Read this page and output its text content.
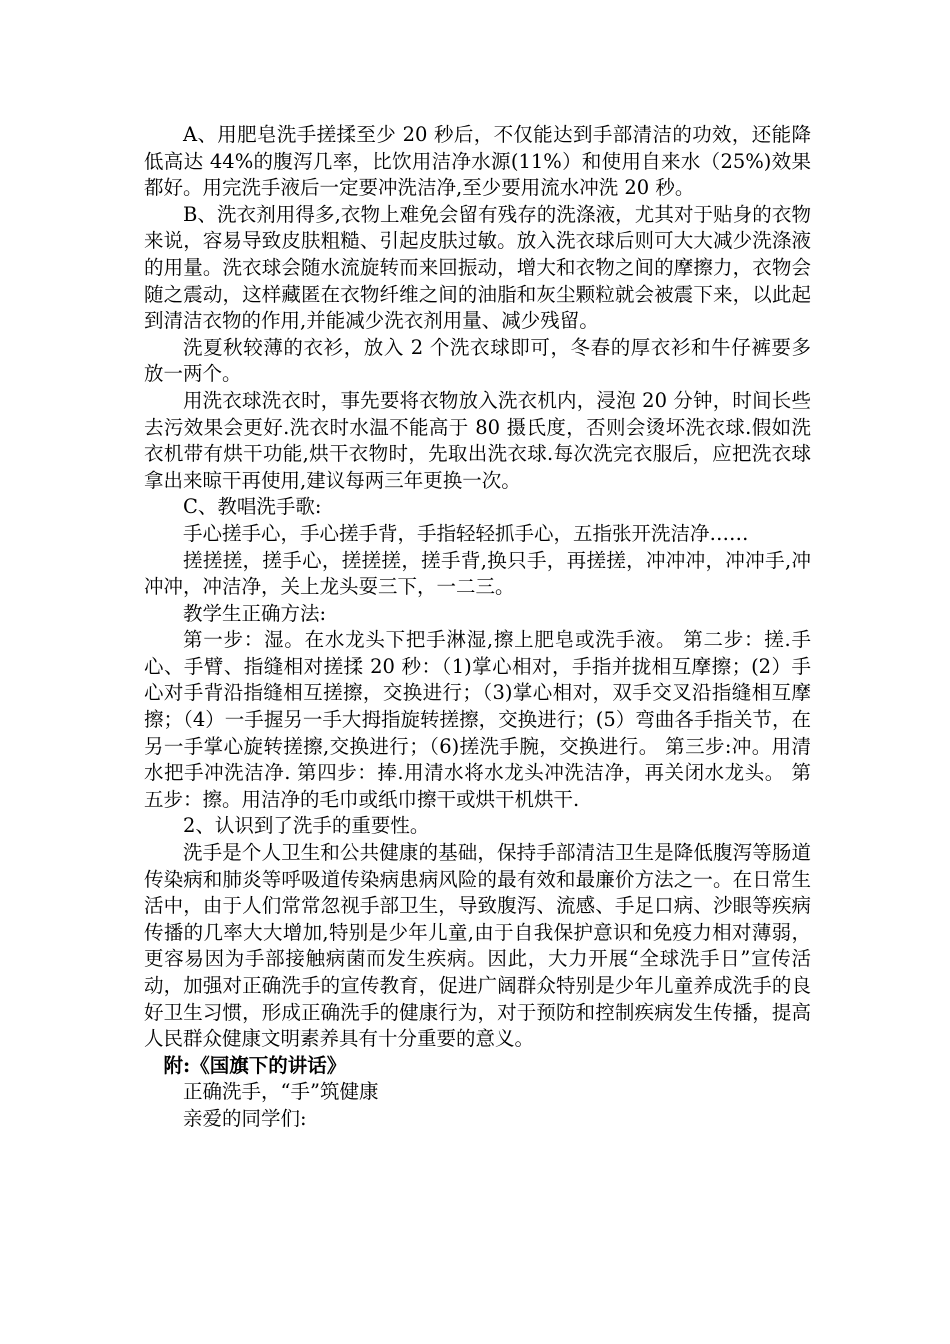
A、用肥皂洗手搓揉至少 20 秒后，不仅能达到手部清洁的功效，还能降低高达 44%的腹泻几率，比饮用洁净水源(11%）和使用自来水（25%)效果都好。用完洗手液后一定要冲洗洁净,至少要用流水冲洗 20 秒。

B、洗衣剂用得多,衣物上难免会留有残存的洗涤液，尤其对于贴身的衣物来说，容易导致皮肤粗糙、引起皮肤过敏。放入洗衣球后则可大大减少洗涤液的用量。洗衣球会随水流旋转而来回振动，增大和衣物之间的摩擦力，衣物会随之震动，这样藏匿在衣物纤维之间的油脂和灰尘颗粒就会被震下来，以此起到清洁衣物的作用,并能减少洗衣剂用量、减少残留。

洗夏秋较薄的衣衫，放入 2 个洗衣球即可，冬春的厚衣衫和牛仔裤要多放一两个。

用洗衣球洗衣时，事先要将衣物放入洗衣机内，浸泡 20 分钟，时间长些去污效果会更好.洗衣时水温不能高于 80 摄氏度，否则会烫坏洗衣球.假如洗衣机带有烘干功能,烘干衣物时，先取出洗衣球.每次洗完衣服后，应把洗衣球拿出来晾干再使用,建议每两三年更换一次。

C、教唱洗手歌:

手心搓手心，手心搓手背，手指轻轻抓手心，五指张开洗洁净……

搓搓搓，搓手心，搓搓搓，搓手背,换只手，再搓搓，冲冲冲，冲冲手,冲冲冲，冲洁净，关上龙头耍三下，一二三。

教学生正确方法:

第一步：湿。在水龙头下把手淋湿,擦上肥皂或洗手液。 第二步：搓.手心、手臂、指缝相对搓揉 20 秒：（1)掌心相对，手指并拢相互摩擦；(2）手心对手背沿指缝相互搓擦，交换进行；（3)掌心相对，双手交叉沿指缝相互摩擦；（4）一手握另一手大拇指旋转搓擦，交换进行；(5）弯曲各手指关节，在另一手掌心旋转搓擦,交换进行；（6)搓洗手腕，交换进行。 第三步:冲。用清水把手冲洗洁净. 第四步：捧.用清水将水龙头冲洗洁净，再关闭水龙头。 第五步：擦。用洁净的毛巾或纸巾擦干或烘干机烘干.

2、认识到了洗手的重要性。

洗手是个人卫生和公共健康的基础，保持手部清洁卫生是降低腹泻等肠道传染病和肺炎等呼吸道传染病患病风险的最有效和最廉价方法之一。在日常生活中，由于人们常常忽视手部卫生，导致腹泻、流感、手足口病、沙眼等疾病传播的几率大大增加,特别是少年儿童,由于自我保护意识和免疫力相对薄弱，更容易因为手部接触病菌而发生疾病。因此，大力开展“全球洗手日”宣传活动，加强对正确洗手的宣传教育，促进广阔群众特别是少年儿童养成洗手的良好卫生习惯，形成正确洗手的健康行为，对于预防和控制疾病发生传播，提高人民群众健康文明素养具有十分重要的意义。

附:《国旗下的讲话》

正确洗手，“手”筑健康

亲爱的同学们:
